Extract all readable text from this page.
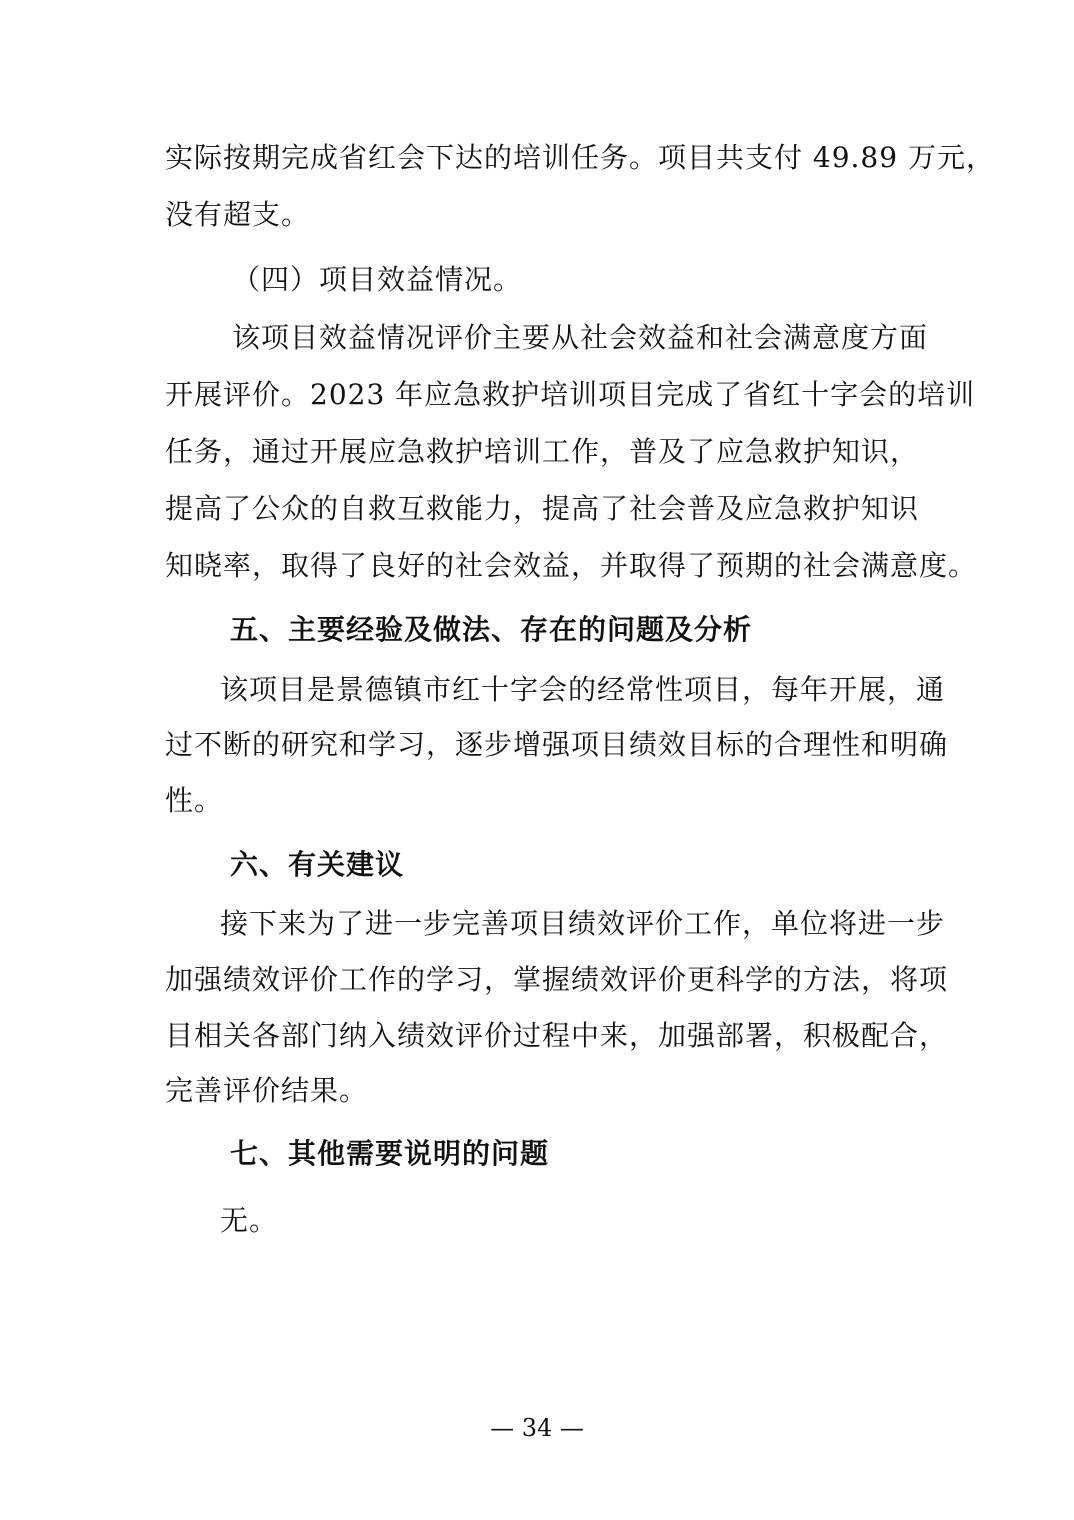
实际按期完成省红会下达的培训任务。项目共支付 49.89 万元，
没有超支。
（四）项目效益情况。
该项目效益情况评价主要从社会效益和社会满意度方面
开展评价。2023 年应急救护培训项目完成了省红十字会的培训
任务，通过开展应急救护培训工作，普及了应急救护知识，
提高了公众的自救互救能力，提高了社会普及应急救护知识
知晓率，取得了良好的社会效益，并取得了预期的社会满意度。
五、主要经验及做法、存在的问题及分析
该项目是景德镇市红十字会的经常性项目，每年开展，通
过不断的研究和学习，逐步增强项目绩效目标的合理性和明确
性。
六、有关建议
接下来为了进一步完善项目绩效评价工作，单位将进一步
加强绩效评价工作的学习，掌握绩效评价更科学的方法，将项
目相关各部门纳入绩效评价过程中来，加强部署，积极配合，
完善评价结果。
七、其他需要说明的问题
无。
— 34 —
